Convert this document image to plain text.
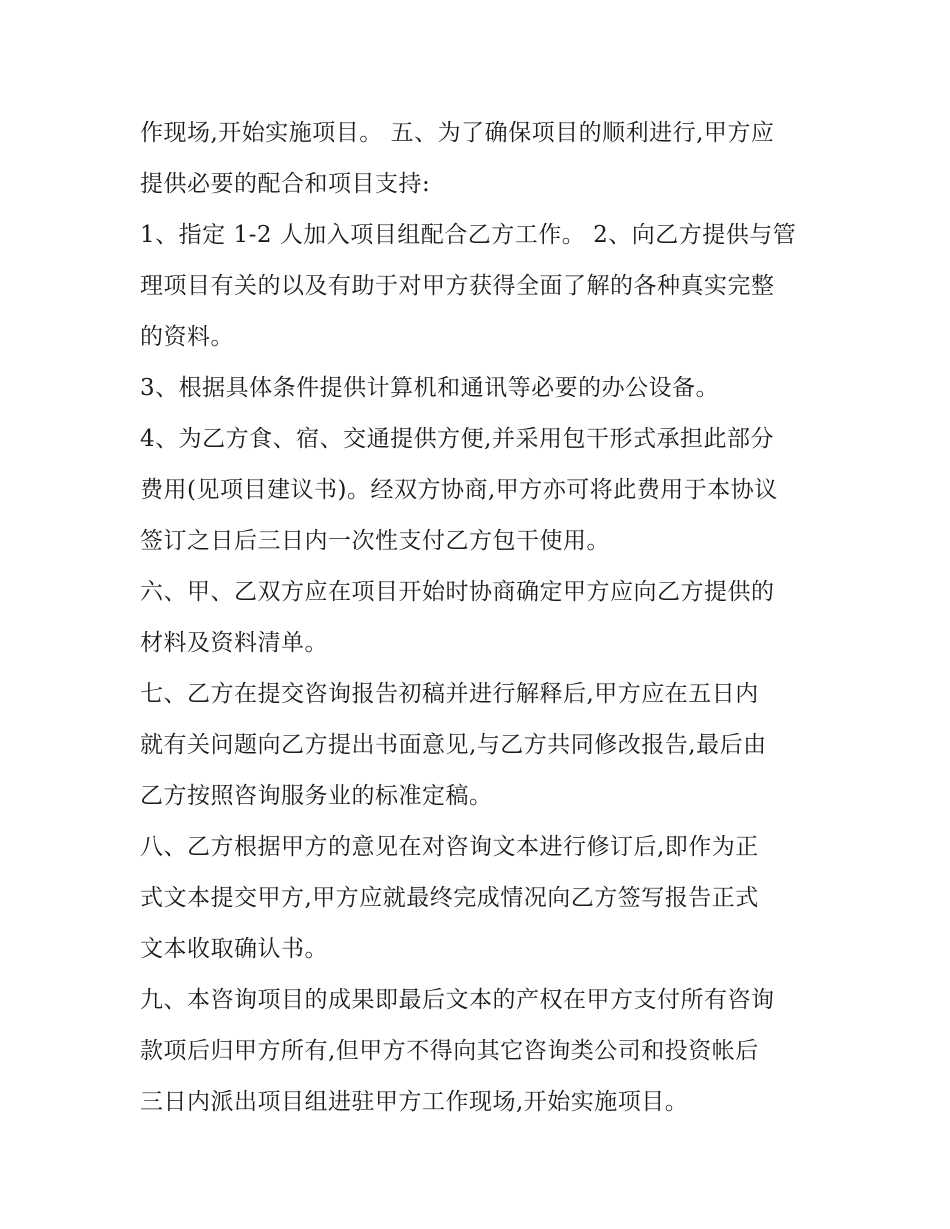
作现场,开始实施项目。 五、为了确保项目的顺利进行,甲方应

提供必要的配合和项目支持:

1、指定 1-2 人加入项目组配合乙方工作。 2、向乙方提供与管

理项目有关的以及有助于对甲方获得全面了解的各种真实完整

的资料。

3、根据具体条件提供计算机和通讯等必要的办公设备。

4、为乙方食、宿、交通提供方便,并采用包干形式承担此部分

费用(见项目建议书)。经双方协商,甲方亦可将此费用于本协议

签订之日后三日内一次性支付乙方包干使用。

六、甲、乙双方应在项目开始时协商确定甲方应向乙方提供的

材料及资料清单。

七、乙方在提交咨询报告初稿并进行解释后,甲方应在五日内

就有关问题向乙方提出书面意见,与乙方共同修改报告,最后由

乙方按照咨询服务业的标准定稿。

八、乙方根据甲方的意见在对咨询文本进行修订后,即作为正

式文本提交甲方,甲方应就最终完成情况向乙方签写报告正式

文本收取确认书。

九、本咨询项目的成果即最后文本的产权在甲方支付所有咨询

款项后归甲方所有,但甲方不得向其它咨询类公司和投资帐后

三日内派出项目组进驻甲方工作现场,开始实施项目。
